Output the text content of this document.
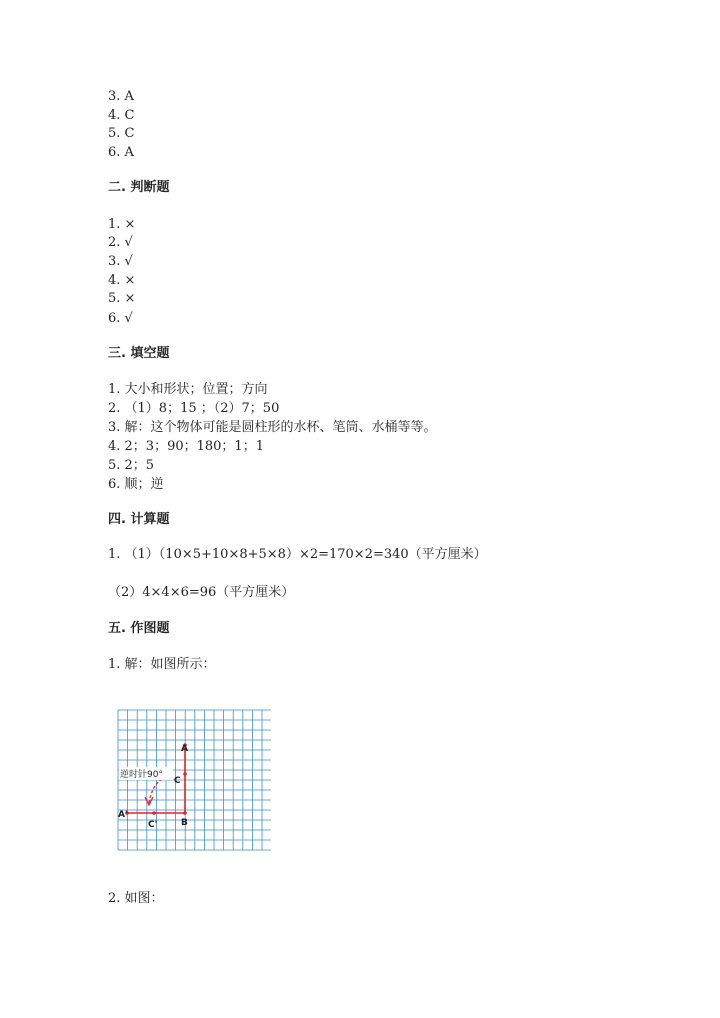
3. A
4. C
5. C
6. A
二. 判断题
1. ×
2. √
3. √
4. ×
5. ×
6. √
三. 填空题
1. 大小和形状；位置；方向
2. （1）8；15 ；（2）7；50
3. 解：这个物体可能是圆柱形的水杯、笔筒、水桶等等。
4. 2；3；90；180；1；1
5. 2；5
6. 顺；逆
四. 计算题
1. （1）（10×5+10×8+5×8）×2=170×2=340（平方厘米）
（2）4×4×6=96（平方厘米）
五. 作图题
1. 解：如图所示：
逆时针90°
A
C
A'
C'	B
2. 如图：
